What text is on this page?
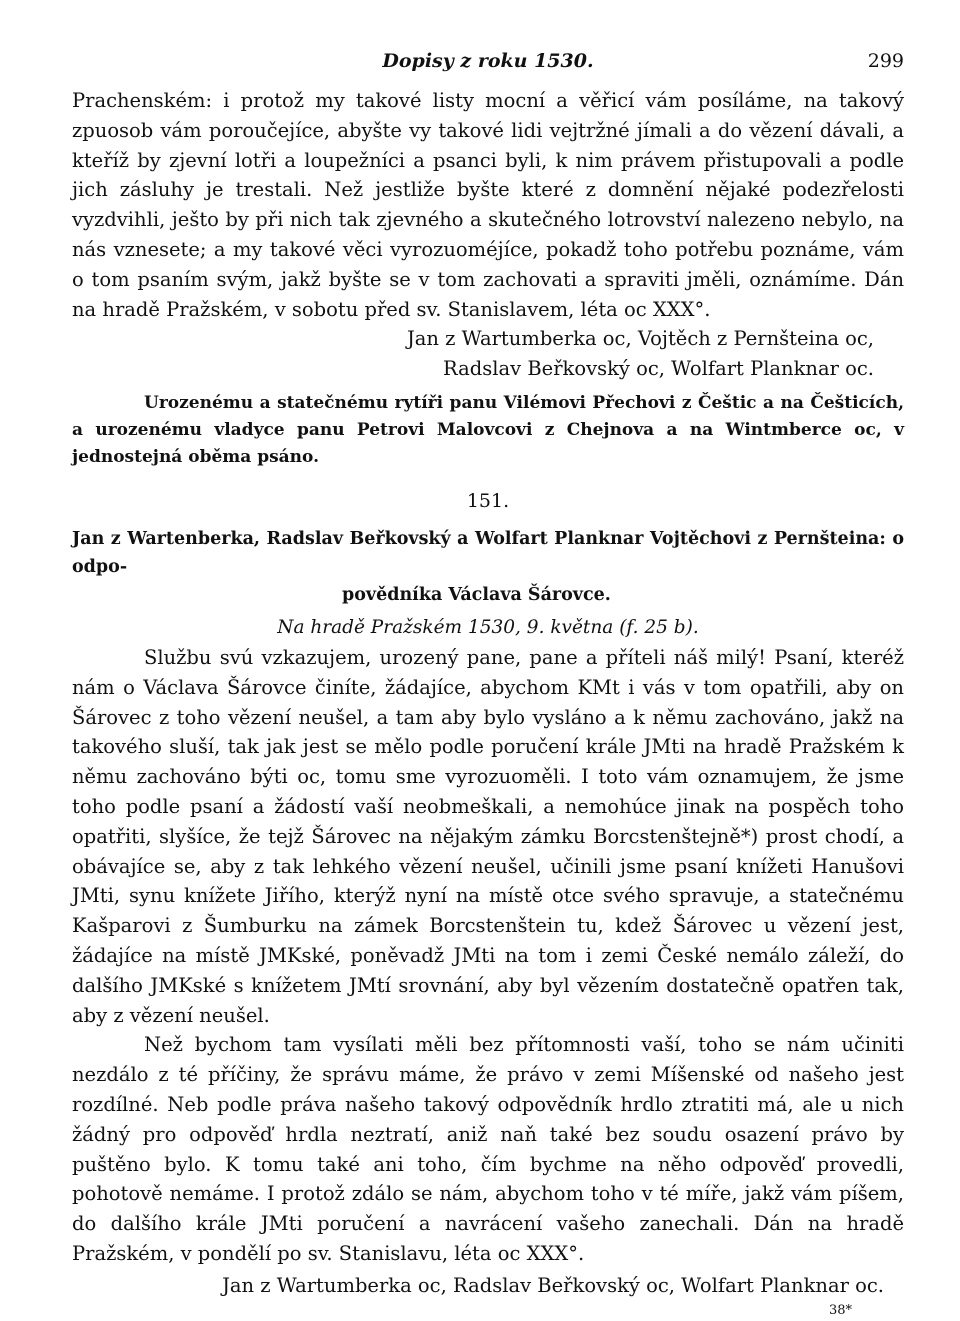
Dopisy z roku 1530.	299

Prachenském: i protož my takové listy mocní a věřicí vám posíláme, na takový zpuosob vám poroučejíce, abyšte vy takové lidi vejtržné jímali a do vězení dávali, a kteříž by zjevní lotři a loupežníci a psanci byli, k nim právem přistupovali a podle jich zásluhy je trestali. Než jestliže byšte které z domnění nějaké podezřelosti vyzdvihli, ješto by při nich tak zjevného a skutečného lotrovství nalezeno nebylo, na nás vznesete; a my takové věci vyrozuoméjíce, pokadž toho potřebu poznáme, vám o tom psaním svým, jakž byšte se v tom zachovati a spraviti jměli, oznámíme. Dán na hradě Pražském, v sobotu před sv. Stanislavem, léta oc XXX°.

Jan z Wartumberka oc, Vojtěch z Pernšteina oc,
Radslav Beřkovský oc, Wolfart Planknar oc.

Urozenému a statečnému rytíři panu Vilémovi Přechovi z Češtic a na Češticích, a urozenému vladyce panu Petrovi Malovcovi z Chejnova a na Wintmberce oc, v jednostejná oběma psáno.

151.
Jan z Wartenberka, Radslav Beřkovský a Wolfart Planknar Vojtěchovi z Pernšteina: o odpo-
povědníka Václava Šárovce.
Na hradě Pražském 1530, 9. května (f. 25 b).

Službu svú vzkazujem, urozený pane, pane a příteli náš milý! Psaní, kteréž nám o Václava Šárovce činíte, žádajíce, abychom KMt i vás v tom opatřili, aby on Šárovec z toho vězení neušel, a tam aby bylo vysláno a k němu zachováno, jakž na takového sluší, tak jak jest se mělo podle poručení krále JMti na hradě Pražském k němu zachováno býti oc, tomu sme vyrozuoměli. I toto vám oznamujem, že jsme toho podle psaní a žádostí vaší neobmeškali, a nemohúce jinak na pospěch toho opatřiti, slyšíce, že tejž Šárovec na nějakým zámku Borcstenštejně*) prost chodí, a obávajíce se, aby z tak lehkého vězení neušel, učinili jsme psaní knížeti Hanušovi JMti, synu knížete Jiřího, kterýž nyní na místě otce svého spravuje, a statečnému Kašparovi z Šumburku na zámek Borcstenštein tu, kdež Šárovec u vězení jest, žádajíce na místě JMKské, poněvadž JMti na tom i zemi České nemálo záleží, do dalšího JMKské s knížetem JMtí srovnání, aby byl vězením dostatečně opatřen tak, aby z vězení neušel.

Než bychom tam vysílati měli bez přítomnosti vaší, toho se nám učiniti nezdálo z té příčiny, že správu máme, že právo v zemi Míšenské od našeho jest rozdílné. Neb podle práva našeho takový odpovědník hrdlo ztratiti má, ale u nich žádný pro odpověď hrdla neztratí, aniž naň také bez soudu osazení právo by puštěno bylo. K tomu také ani toho, čím bychme na něho odpověď provedli, pohotově nemáme. I protož zdálo se nám, abychom toho v té míře, jakž vám píšem, do dalšího krále JMti poručení a navrácení vašeho zanechali. Dán na hradě Pražském, v pondělí po sv. Stanislavu, léta oc XXX°.

Jan z Wartumberka oc, Radslav Beřkovský oc, Wolfart Planknar oc.
38*
